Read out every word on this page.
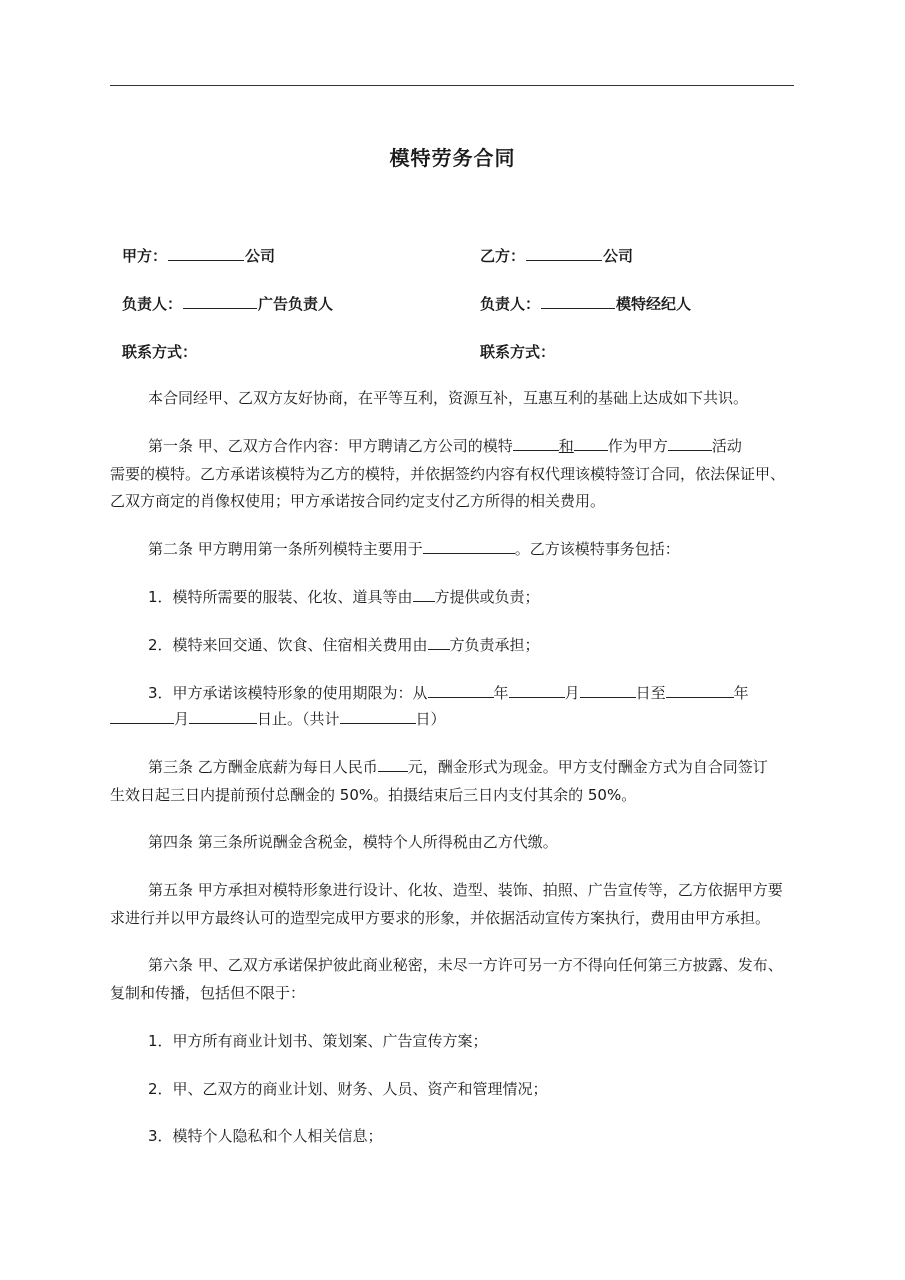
模特劳务合同
甲方：	公司	乙方：	公司
负责人：	广告负责人	负责人：	模特经纪人
联系方式：	联系方式：
本合同经甲、乙双方友好协商，在平等互利，资源互补，互惠互利的基础上达成如下共识。
第一条 甲、乙双方合作内容：甲方聘请乙方公司的模特	和 作为甲方	活动
需要的模特。乙方承诺该模特为乙方的模特，并依据签约内容有权代理该模特签订合同，依法保证甲、
乙双方商定的肖像权使用；甲方承诺按合同约定支付乙方所得的相关费用。
第二条 甲方聘用第一条所列模特主要用于	。乙方该模特事务包括：
1．模特所需要的服装、化妆、道具等由 方提供或负责；
2．模特来回交通、饮食、住宿相关费用由 方负责承担；
3．甲方承诺该模特形象的使用期限为：从	年	月	日至	年
月	日止。（共计	日）
第三条 乙方酬金底薪为每日人民币 元，酬金形式为现金。甲方支付酬金方式为自合同签订
生效日起三日内提前预付总酬金的 50%。拍摄结束后三日内支付其余的 50%。
第四条 第三条所说酬金含税金，模特个人所得税由乙方代缴。
第五条 甲方承担对模特形象进行设计、化妆、造型、装饰、拍照、广告宣传等，乙方依据甲方要
求进行并以甲方最终认可的造型完成甲方要求的形象，并依据活动宣传方案执行，费用由甲方承担。
第六条 甲、乙双方承诺保护彼此商业秘密，未尽一方许可另一方不得向任何第三方披露、发布、
复制和传播，包括但不限于：
1．甲方所有商业计划书、策划案、广告宣传方案；
2．甲、乙双方的商业计划、财务、人员、资产和管理情况；
3．模特个人隐私和个人相关信息；
